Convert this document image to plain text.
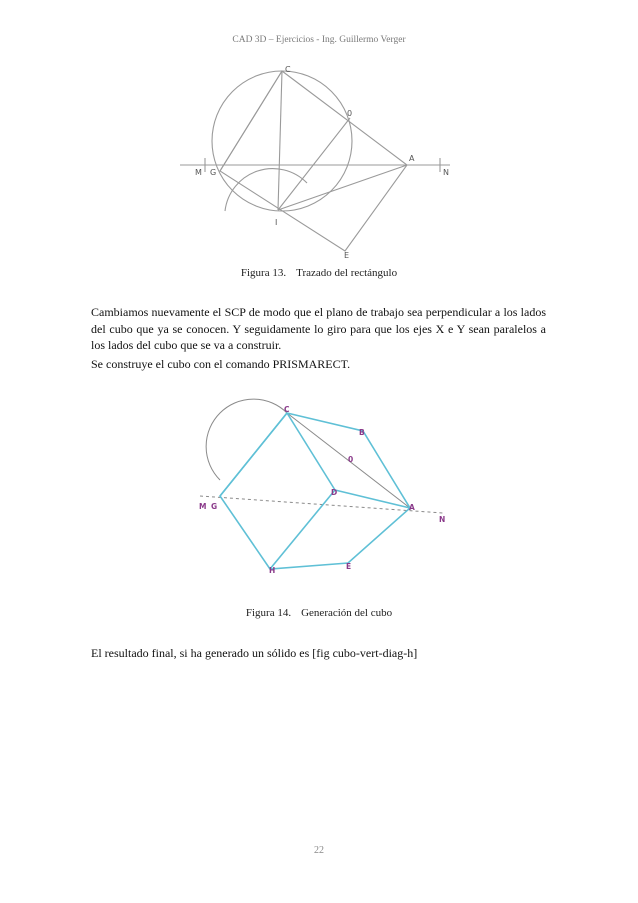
CAD 3D – Ejercicios - Ing. Guillermo Verger
C
0
A
N
M G
I
E
Figura 13. Trazado del rectángulo

Cambiamos nuevamente el SCP de modo que el plano de trabajo sea perpendicular a los lados del cubo que ya se conocen. Y seguidamente lo giro para que los ejes X e Y sean paralelos a los lados del cubo que se va a construir.

Se construye el cubo con el comando PRISMARECT.

C
B
0
D
A
N
M G
H	E
Figura 14. Generación del cubo

El resultado final, si ha generado un sólido es [fig cubo-vert-diag-h]

22
